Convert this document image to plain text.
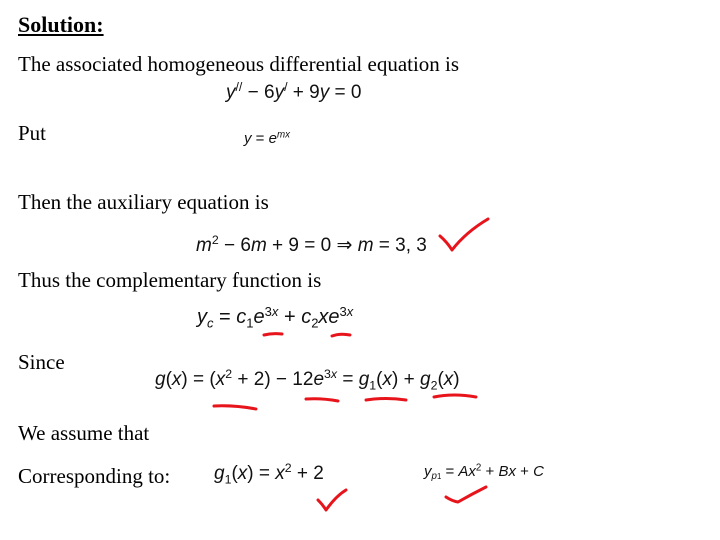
Solution:
The associated homogeneous differential equation is
Put
Then the auxiliary equation is
Thus the complementary function is
Since
We assume that
Corresponding to:
y// − 6y/ + 9y = 0
$y = e^{mx}$
$m^2 - 6m + 9 = 0$ ⇒ m = 3, 3
$y_c = c_1e^{3x} + c_2xe^{3x}$
$g(x) = (x^2 + 2) - 12e^{3x} = g_1(x) + g_2(x)$
$g_1(x) = x^2 + 2$	$y_{p1} = Ax^2 + Bx + C$
